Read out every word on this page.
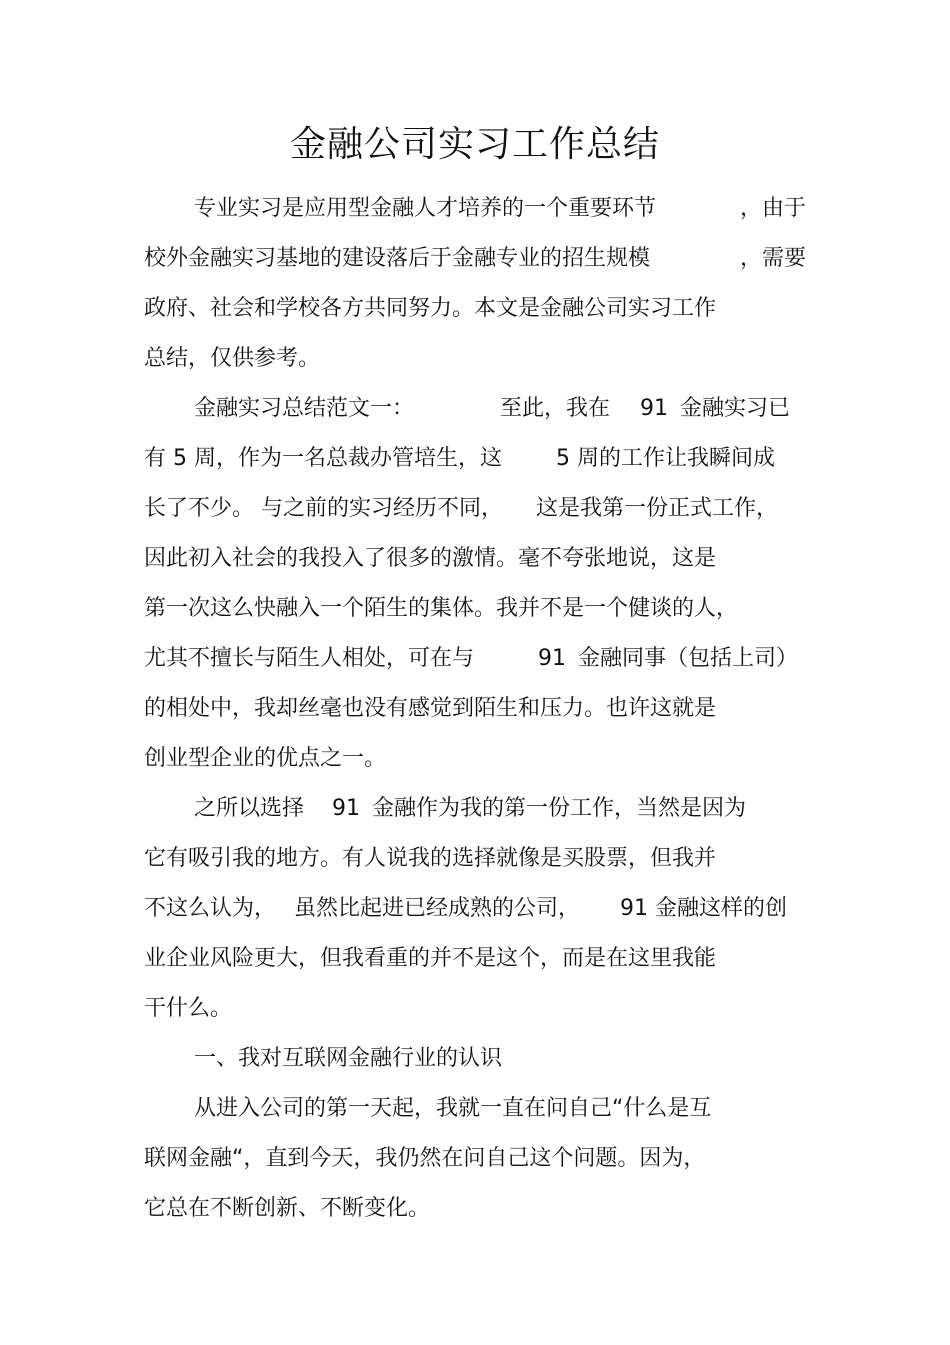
金融公司实习工作总结
专业实习是应用型金融人才培养的一个重要环节	，由于
校外金融实习基地的建设落后于金融专业的招生规模	，需要
政府、社会和学校各方共同努力。本文是金融公司实习工作
总结，仅供参考。
金融实习总结范文一：	至此，我在 91 金融实习已
有 5 周，作为一名总裁办管培生，这 5 周的工作让我瞬间成
长了不少。 与之前的实习经历不同， 这是我第一份正式工作，
因此初入社会的我投入了很多的激情。毫不夸张地说，这是
第一次这么快融入一个陌生的集体。我并不是一个健谈的人，
尤其不擅长与陌生人相处，可在与	91 金融同事（包括上司）
的相处中，我却丝毫也没有感觉到陌生和压力。也许这就是
创业型企业的优点之一。
之所以选择 91 金融作为我的第一份工作，当然是因为
它有吸引我的地方。有人说我的选择就像是买股票，但我并
不这么认为， 虽然比起进已经成熟的公司， 91 金融这样的创
业企业风险更大，但我看重的并不是这个，而是在这里我能
干什么。
一、我对互联网金融行业的认识
从进入公司的第一天起，我就一直在问自己“什么是互
联网金融“，直到今天，我仍然在问自己这个问题。因为，
它总在不断创新、不断变化。
